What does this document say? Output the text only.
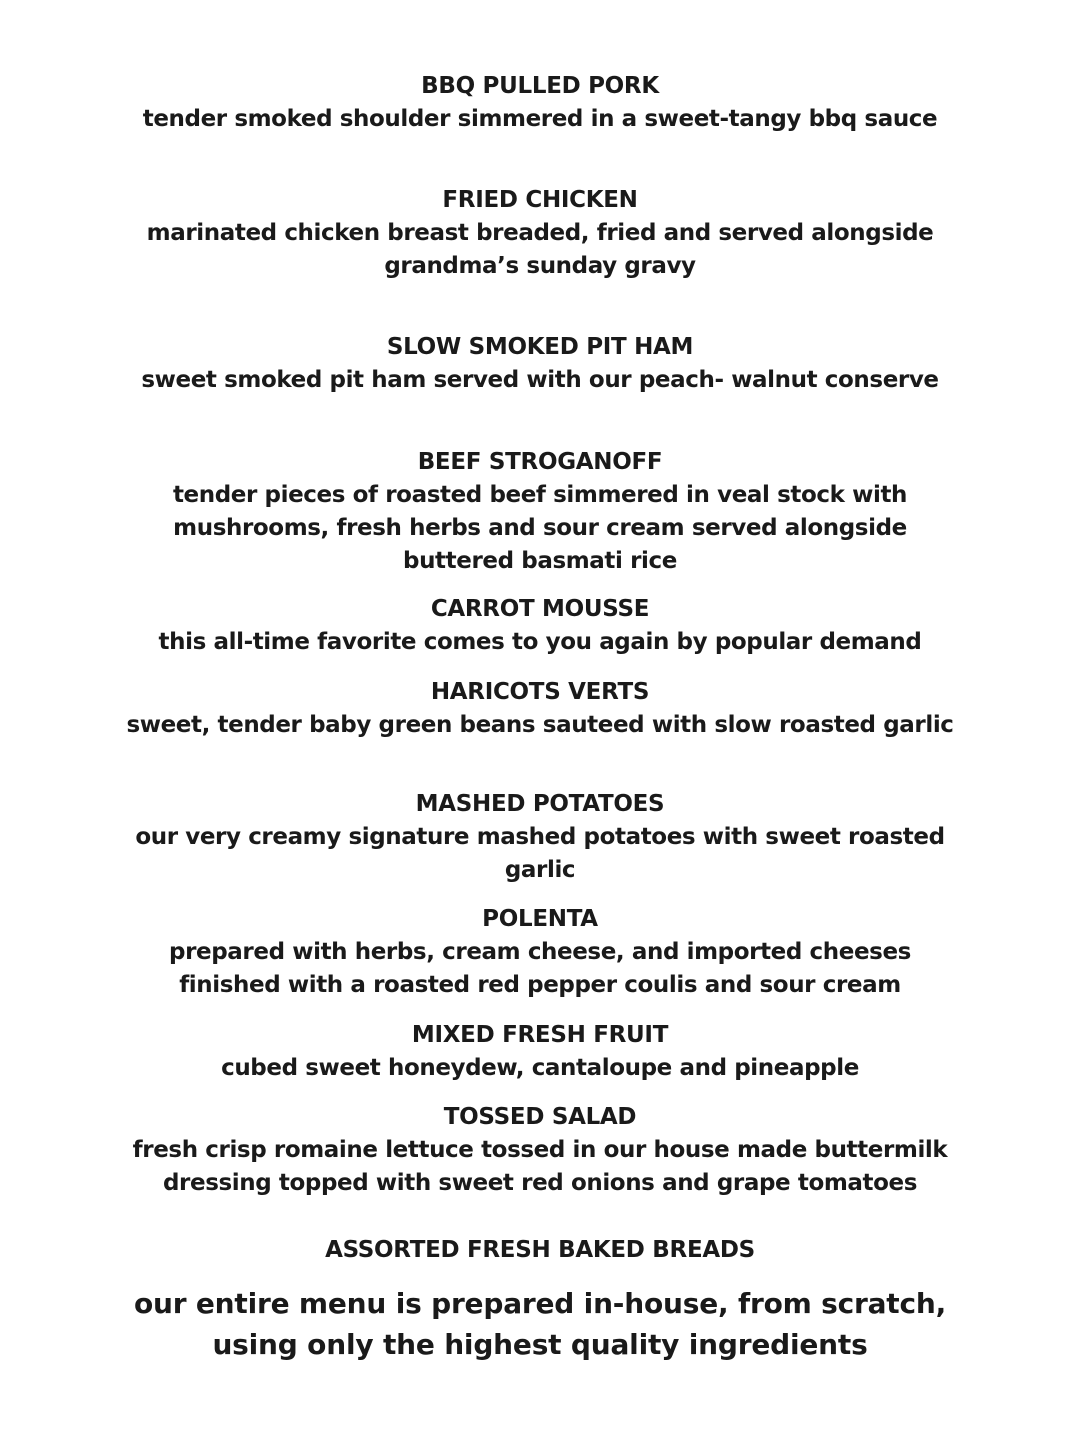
BBQ PULLED PORK
tender smoked shoulder simmered in a sweet-tangy bbq sauce
FRIED CHICKEN
marinated chicken breast breaded, fried and served alongside
grandma’s sunday gravy
SLOW SMOKED PIT HAM
sweet smoked pit ham served with our peach- walnut conserve
BEEF STROGANOFF
tender pieces of roasted beef simmered in veal stock with
mushrooms, fresh herbs and sour cream served alongside
buttered basmati rice
CARROT MOUSSE
this all-time favorite comes to you again by popular demand
HARICOTS VERTS
sweet, tender baby green beans sauteed with slow roasted garlic
MASHED POTATOES
our very creamy signature mashed potatoes with sweet roasted
garlic
POLENTA
prepared with herbs, cream cheese, and imported cheeses
finished with a roasted red pepper coulis and sour cream
MIXED FRESH FRUIT
cubed sweet honeydew, cantaloupe and pineapple
TOSSED SALAD
fresh crisp romaine lettuce tossed in our house made buttermilk
dressing topped with sweet red onions and grape tomatoes
ASSORTED FRESH BAKED BREADS
our entire menu is prepared in-house, from scratch,
using only the highest quality ingredients
